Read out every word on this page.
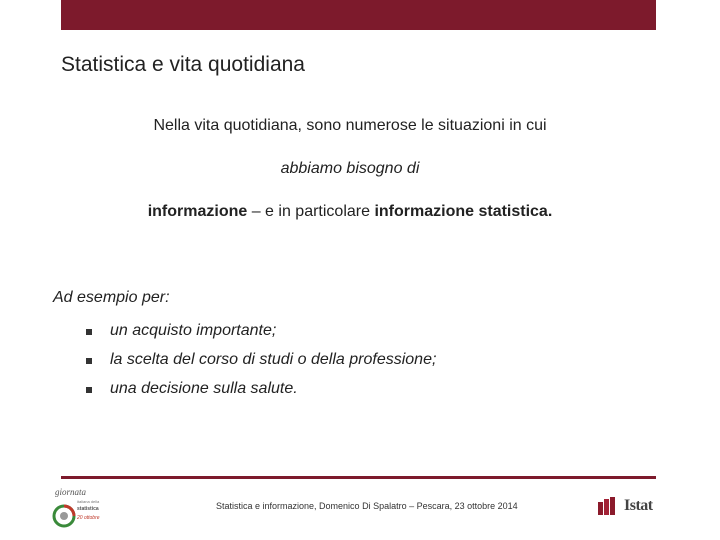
Statistica e vita quotidiana
Nella vita quotidiana, sono numerose le situazioni in cui
abbiamo bisogno di
informazione – e in particolare informazione statistica.
Ad esempio per:
un acquisto importante;
la scelta del corso di studi o della professione;
una decisione sulla salute.
giornata
italiana della
statistica
20 ottobre
Statistica e informazione, Domenico Di Spalatro – Pescara, 23 ottobre 2014	Istat
